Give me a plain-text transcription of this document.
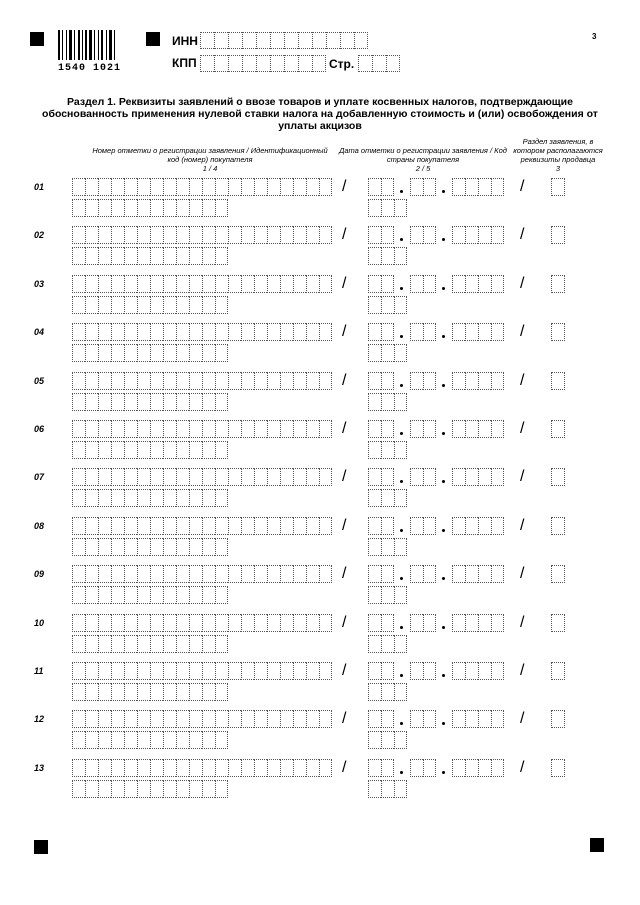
1540 1021
ИНН
КПП	Стр.
3
Раздел 1. Реквизиты заявлений о ввозе товаров и уплате косвенных налогов, подтверждающие обоснованность применения нулевой ставки налога на добавленную стоимость и (или) освобождения от уплаты акцизов
Номер отметки о регистрации заявления / Идентификационный код (номер) покупателя
1 / 4
Дата отметки о регистрации заявления / Код страны покупателя
2 / 5
Раздел заявления, в котором располагаются реквизиты продавца
3
01	/	/
02	/	/
03	/	/
04	/	/
05	/	/
06	/	/
07	/	/
08	/	/
09	/	/
10	/	/
11	/	/
12	/	/
13	/	/
